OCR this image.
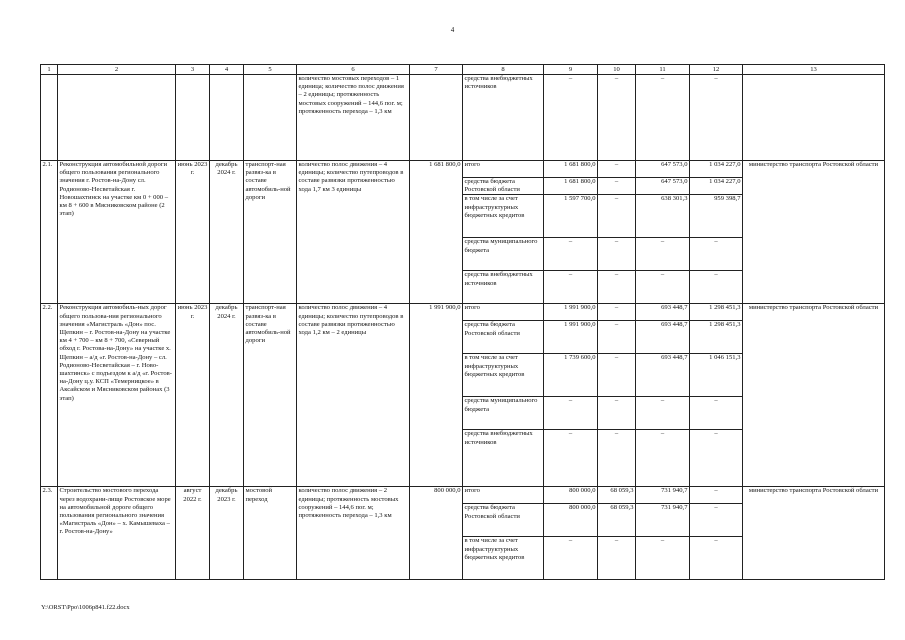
4
1	2	3	4	5	6	7	8	9	10	11	12	13
					количество мостовых переходов – 1 единица; количество полос движения – 2 единицы; протяженность мостовых сооружений – 144,6 пог. м; протяженность перехода – 1,3 км		средства внебюджетных источников	–	–	–	–	
2.1.	Реконструкция автомобильной дороги общего пользования регионального значения г. Ростов-на-Дону сл. Родионово-Несветайская г. Новошахтинск на участке км 0 + 000 – км 8 + 600 в Мясниковском районе (2 этап)	июнь 2023 г.	декабрь 2024 г.	транспорт-ная развяз-ка в составе автомобиль-ной дороги	количество полос движения – 4 единицы; количество путепроводов в составе развязки протяженностью хода 1,7 км 3 единицы	1 681 800,0	итого	1 681 800,0	–	647 573,0	1 034 227,0	министерство транспорта Ростовской области
							средства бюджета Ростовской области	1 681 800,0	–	647 573,0	1 034 227,0	
							в том числе за счет инфраструктурных бюджетных кредитов	1 597 700,0	–	638 301,3	959 398,7	
							средства муниципального бюджета	–	–	–	–	
							средства внебюджетных источников	–	–	–	–	
2.2.	Реконструкция автомобиль-ных дорог общего пользова-ния регионального значения «Магистраль «Дон» пос. Щепкин – г. Ростов-на-Дону на участке км 4 + 700 – км 8 + 700, «Северный обход г. Ростова-на-Дону» на участке х. Щепкин – а/д «г. Ростов-на-Дону – сл. Родионово-Несветайская – г. Ново-шахтинск» с подъездом к а/д «г. Ростов-на-Дону ц.у. КСП «Темерницкое» в Аксайском и Мясниковском районах (3 этап)	июнь 2023 г.	декабрь 2024 г.	транспорт-ная развяз-ка в составе автомобиль-ной дороги	количество полос движения – 4 единицы; количество путепроводов в составе развязки протяженностью хода 1,2 км – 2 единицы	1 991 900,0	итого	1 991 900,0	–	693 448,7	1 298 451,3	министерство транспорта Ростовской области
							средства бюджета Ростовской области	1 991 900,0	–	693 448,7	1 298 451,3	
							в том числе за счет инфраструктурных бюджетных кредитов	1 739 600,0	–	693 448,7	1 046 151,3	
							средства муниципального бюджета	–	–	–	–	
							средства внебюджетных источников	–	–	–	–	
2.3.	Строительство мостового перехода через водохрани-лище Ростовское море на автомобильной дороге общего пользования регионального значения «Магистраль «Дон» – х. Камышеваха – г. Ростов-на-Дону»	август 2022 г.	декабрь 2023 г.	мостовой переход	количество полос движения – 2 единицы; протяженность мостовых сооружений – 144,6 пог. м; протяженность перехода – 1,3 км	800 000,0	итого	800 000,0	68 059,3	731 940,7	–	министерство транспорта Ростовской области
							средства бюджета Ростовской области	800 000,0	68 059,3	731 940,7	–	
							в том числе за счет инфраструктурных бюджетных кредитов	–	–	–	–	
Y:\ORST\Ppo\1006p841.f22.docx
